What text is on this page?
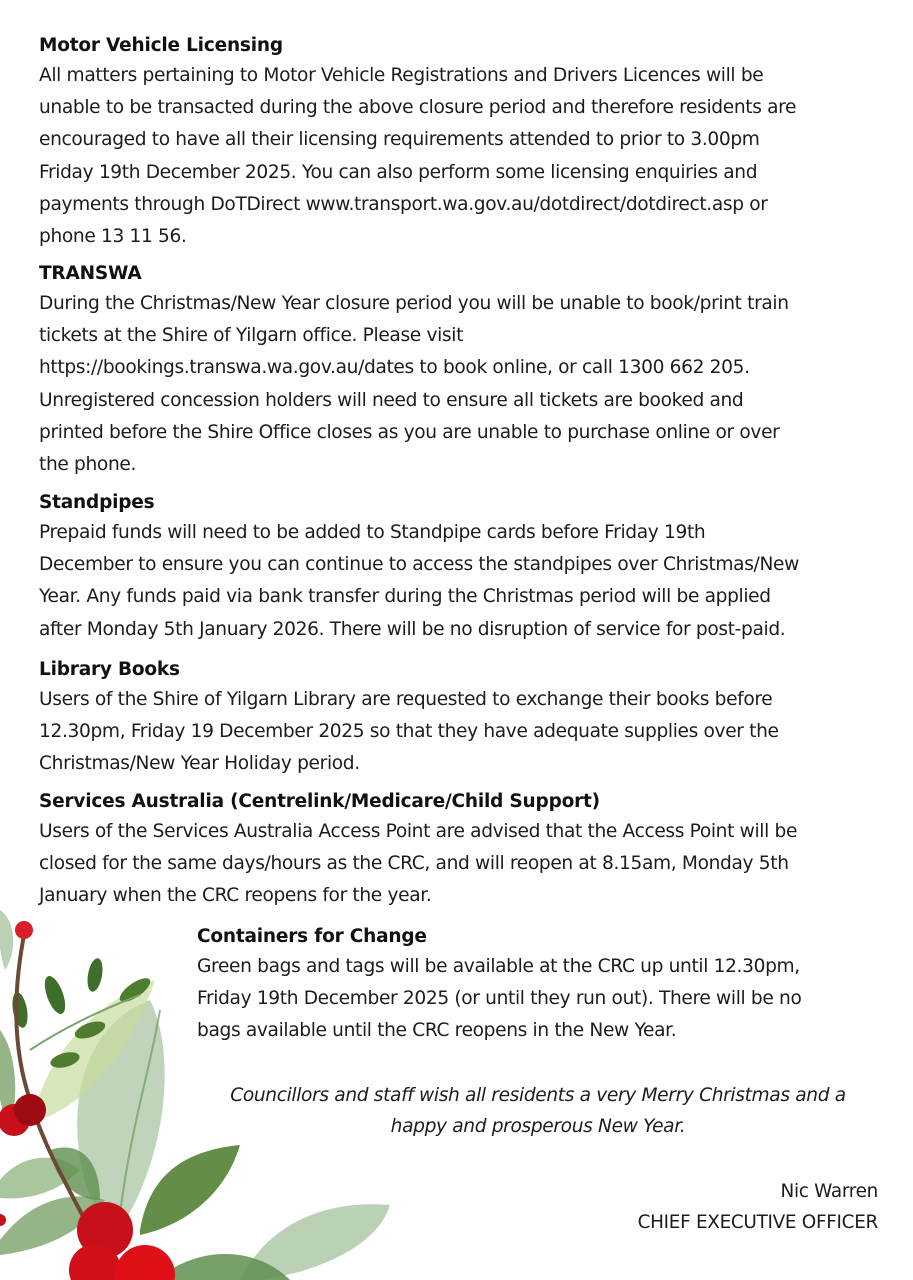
Motor Vehicle Licensing

All matters pertaining to Motor Vehicle Registrations and Drivers Licences will be
unable to be transacted during the above closure period and therefore residents are
encouraged to have all their licensing requirements attended to prior to 3.00pm
Friday 19th December 2025. You can also perform some licensing enquiries and
payments through DoTDirect www.transport.wa.gov.au/dotdirect/dotdirect.asp or
phone 13 11 56.

TRANSWA

During the Christmas/New Year closure period you will be unable to book/print train
tickets at the Shire of Yilgarn office. Please visit
https://bookings.transwa.wa.gov.au/dates to book online, or call 1300 662 205.
Unregistered concession holders will need to ensure all tickets are booked and
printed before the Shire Office closes as you are unable to purchase online or over
the phone.

Standpipes

Prepaid funds will need to be added to Standpipe cards before Friday 19th
December to ensure you can continue to access the standpipes over Christmas/New
Year. Any funds paid via bank transfer during the Christmas period will be applied
after Monday 5th January 2026. There will be no disruption of service for post-paid.

Library Books

Users of the Shire of Yilgarn Library are requested to exchange their books before
12.30pm, Friday 19 December 2025 so that they have adequate supplies over the
Christmas/New Year Holiday period.

Services Australia (Centrelink/Medicare/Child Support)

Users of the Services Australia Access Point are advised that the Access Point will be
closed for the same days/hours as the CRC, and will reopen at 8.15am, Monday 5th
January when the CRC reopens for the year.

Containers for Change

Green bags and tags will be available at the CRC up until 12.30pm,
Friday 19th December 2025 (or until they run out). There will be no
bags available until the CRC reopens in the New Year.

Councillors and staff wish all residents a very Merry Christmas and a
happy and prosperous New Year.
Nic Warren
CHIEF EXECUTIVE OFFICER
